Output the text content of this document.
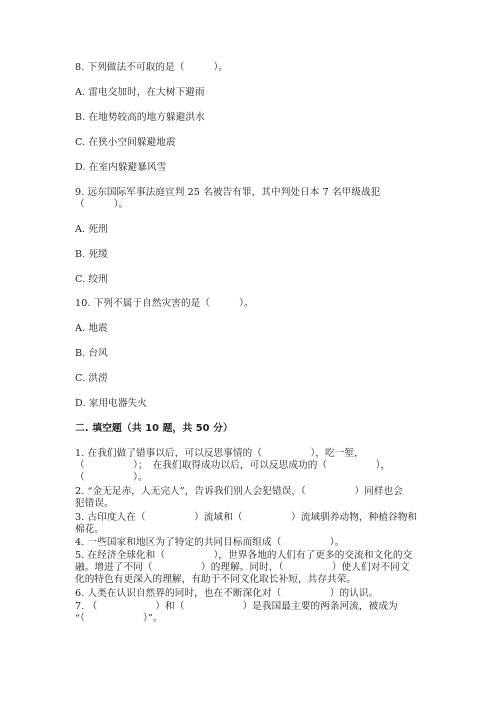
8. 下列做法不可取的是（　　　）。
A. 雷电交加时，在大树下避雨
B. 在地势较高的地方躲避洪水
C. 在狭小空间躲避地震
D. 在室内躲避暴风雪
9. 远东国际军事法庭宣判 25 名被告有罪，其中判处日本 7 名甲级战犯
（　　　）。
A. 死刑
B. 死缓
C. 绞刑
10. 下列不属于自然灾害的是（　　　）。
A. 地震
B. 台风
C. 洪涝
D. 家用电器失火
二. 填空题（共 10 题，共 50 分）
1. 在我们做了错事以后，可以反思事情的（　　　　　），吃一堑，
（　　　　　）；　在我们取得成功以后，可以反思成功的（　　　　　），
（　　　　　）。
2. “金无足赤，人无完人”，告诉我们别人会犯错误，（　　　　　）同样也会
犯错误。
3. 古印度人在（　　　　　）流域和（　　　　　）流域驯养动物，种植谷物和
棉花。
4. 一些国家和地区为了特定的共同目标而组成（　　　　　）。
5. 在经济全球化和（　　　　　），世界各地的人们有了更多的交流和文化的交
融。增进了不同（　　　　　）的理解。同时，（　　　　　）使人们对不同文
化的特色有更深入的理解，有助于不同文化取长补短，共存共荣。
6. 人类在认识自然界的同时，也在不断深化对（　　　　　）的认识。
7. （　　　　　　）和（　　　　　　）是我国最主要的两条河流，被成为
“（　　　　　　）”。
